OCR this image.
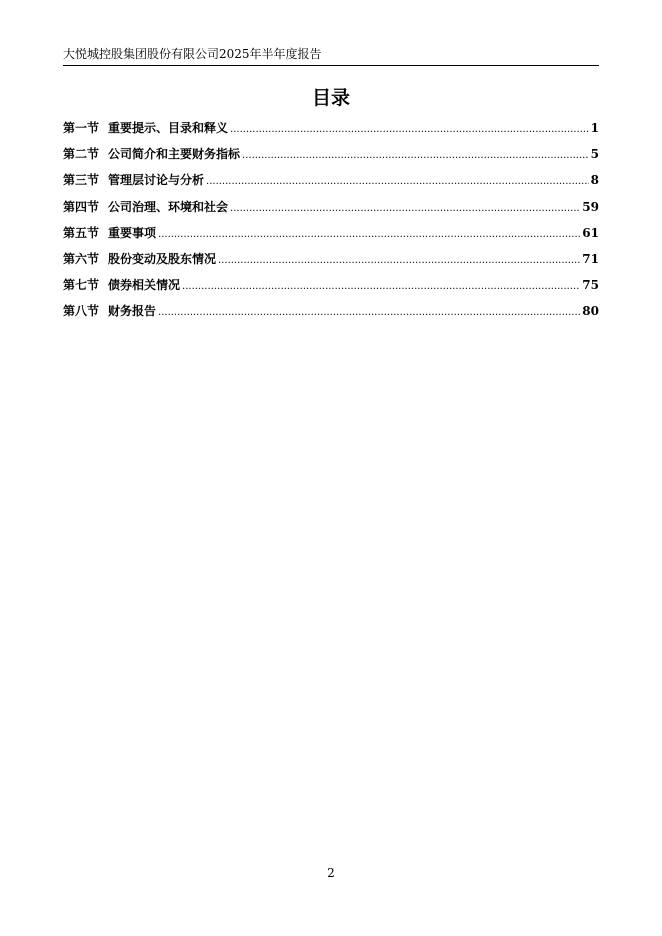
大悦城控股集团股份有限公司2025年半年度报告
目录
第一节 重要提示、目录和释义 .....	1
第二节 公司简介和主要财务指标 .....	5
第三节 管理层讨论与分析 .....	8
第四节 公司治理、环境和社会 .....	59
第五节 重要事项 .....	61
第六节 股份变动及股东情况 .....	71
第七节 债券相关情况 .....	75
第八节 财务报告 .....	80
2
